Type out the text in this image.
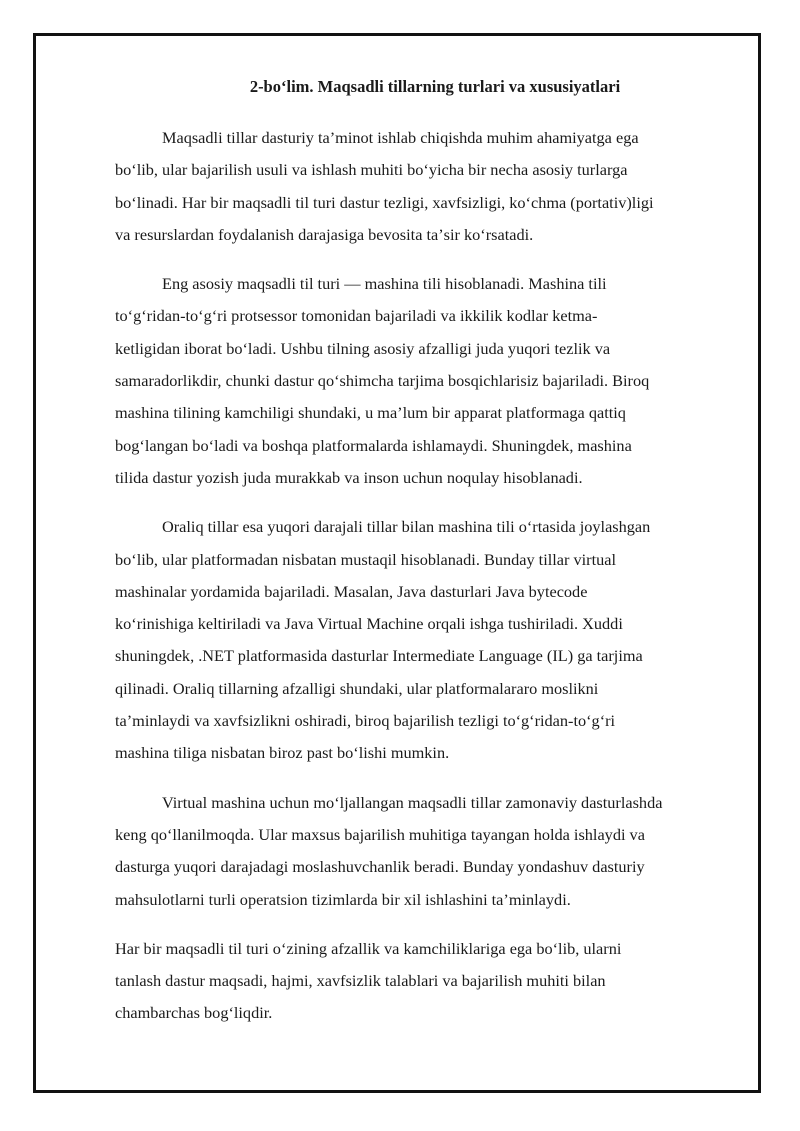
2-boʻlim. Maqsadli tillarning turlari va xususiyatlari

Maqsadli tillar dasturiy taʼminot ishlab chiqishda muhim ahamiyatga ega
boʻlib, ular bajarilish usuli va ishlash muhiti boʻyicha bir necha asosiy turlarga
boʻlinadi. Har bir maqsadli til turi dastur tezligi, xavfsizligi, koʻchma (portativ)ligi
va resurslardan foydalanish darajasiga bevosita taʼsir koʻrsatadi.

Eng asosiy maqsadli til turi — mashina tili hisoblanadi. Mashina tili
toʻgʻridan-toʻgʻri protsessor tomonidan bajariladi va ikkilik kodlar ketma-
ketligidan iborat boʻladi. Ushbu tilning asosiy afzalligi juda yuqori tezlik va
samaradorlikdir, chunki dastur qoʻshimcha tarjima bosqichlarisiz bajariladi. Biroq
mashina tilining kamchiligi shundaki, u maʼlum bir apparat platformaga qattiq
bogʻlangan boʻladi va boshqa platformalarda ishlamaydi. Shuningdek, mashina
tilida dastur yozish juda murakkab va inson uchun noqulay hisoblanadi.

Oraliq tillar esa yuqori darajali tillar bilan mashina tili oʻrtasida joylashgan
boʻlib, ular platformadan nisbatan mustaqil hisoblanadi. Bunday tillar virtual
mashinalar yordamida bajariladi. Masalan, Java dasturlari Java bytecode
koʻrinishiga keltiriladi va Java Virtual Machine orqali ishga tushiriladi. Xuddi
shuningdek, .NET platformasida dasturlar Intermediate Language (IL) ga tarjima
qilinadi. Oraliq tillarning afzalligi shundaki, ular platformalararo moslikni
taʼminlaydi va xavfsizlikni oshiradi, biroq bajarilish tezligi toʻgʻridan-toʻgʻri
mashina tiliga nisbatan biroz past boʻlishi mumkin.

Virtual mashina uchun moʻljallangan maqsadli tillar zamonaviy dasturlashda
keng qoʻllanilmoqda. Ular maxsus bajarilish muhitiga tayangan holda ishlaydi va
dasturga yuqori darajadagi moslashuvchanlik beradi. Bunday yondashuv dasturiy
mahsulotlarni turli operatsion tizimlarda bir xil ishlashini taʼminlaydi.

Har bir maqsadli til turi oʻzining afzallik va kamchiliklariga ega boʻlib, ularni
tanlash dastur maqsadi, hajmi, xavfsizlik talablari va bajarilish muhiti bilan
chambarchas bogʻliqdir.
